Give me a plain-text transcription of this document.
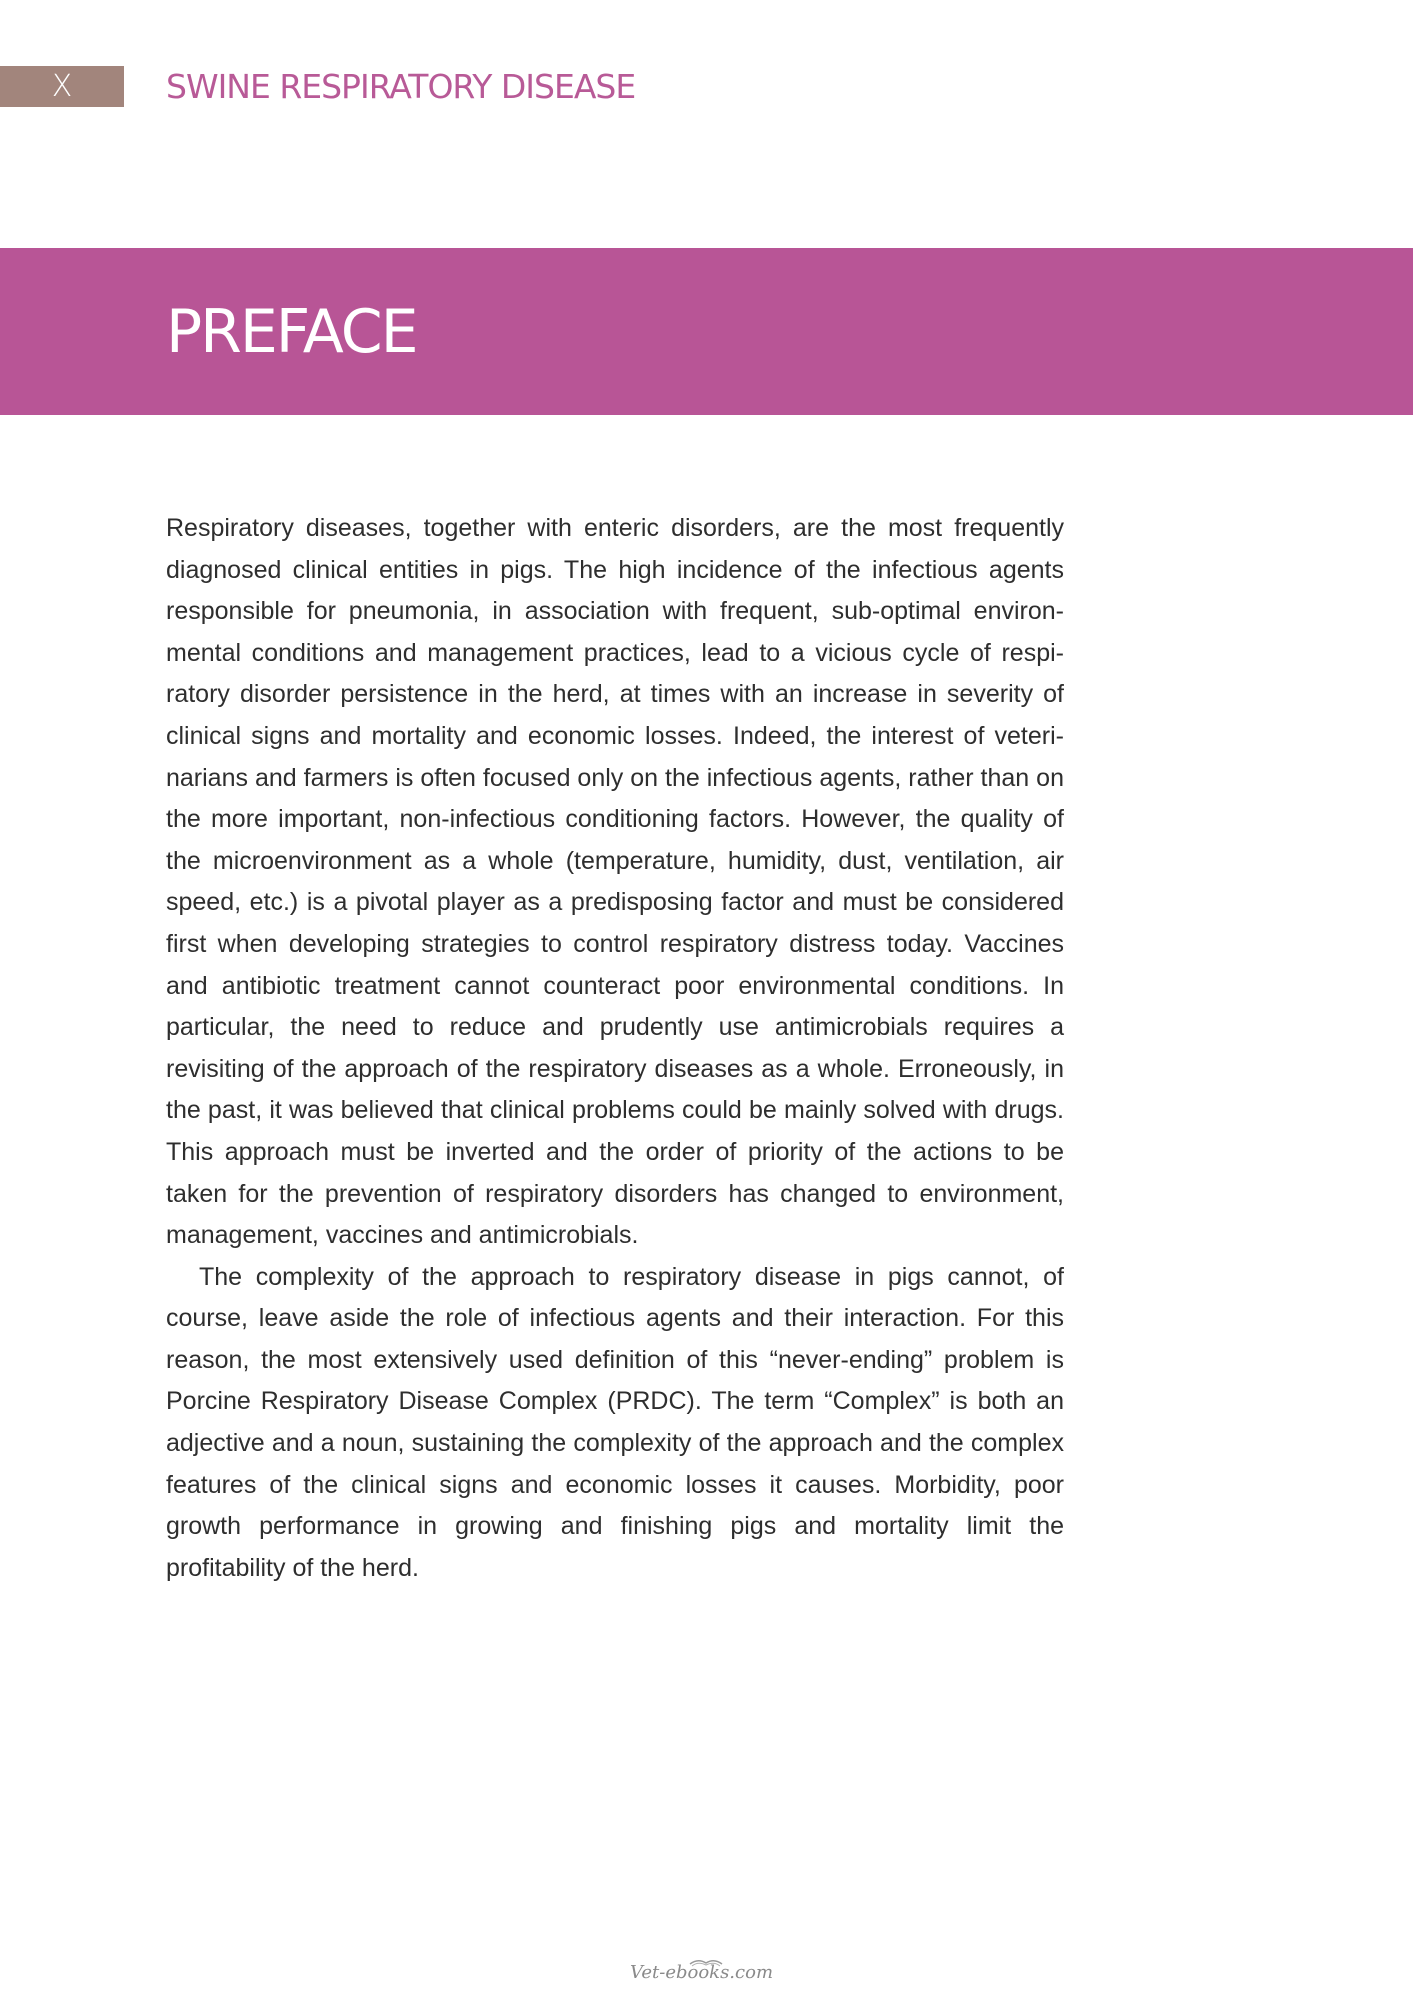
X	SWINE RESPIRATORY DISEASE
PREFACE

Respiratory diseases, together with enteric disorders, are the most frequently diagnosed clinical entities in pigs. The high incidence of the infectious agents responsible for pneumonia, in association with frequent, sub-optimal environmental conditions and management practices, lead to a vicious cycle of respiratory disorder persistence in the herd, at times with an increase in severity of clinical signs and mortality and economic losses. Indeed, the interest of veterinarians and farmers is often focused only on the infectious agents, rather than on the more important, non-infectious conditioning factors. However, the quality of the microenvironment as a whole (temperature, humidity, dust, ventilation, air speed, etc.) is a pivotal player as a predisposing factor and must be considered first when developing strategies to control respiratory distress today. Vaccines and antibiotic treatment cannot counteract poor environmental conditions. In particular, the need to reduce and prudently use antimicrobials requires a revisiting of the approach of the respiratory diseases as a whole. Erroneously, in the past, it was believed that clinical problems could be mainly solved with drugs. This approach must be inverted and the order of priority of the actions to be taken for the prevention of respiratory disorders has changed to environment, management, vaccines and antimicrobials.

The complexity of the approach to respiratory disease in pigs cannot, of course, leave aside the role of infectious agents and their interaction. For this reason, the most extensively used definition of this “never-ending” problem is Porcine Respiratory Disease Complex (PRDC). The term “Complex” is both an adjective and a noun, sustaining the complexity of the approach and the complex features of the clinical signs and economic losses it causes. Morbidity, poor growth performance in growing and finishing pigs and mortality limit the profitability of the herd.

Vet-ebooks.com
